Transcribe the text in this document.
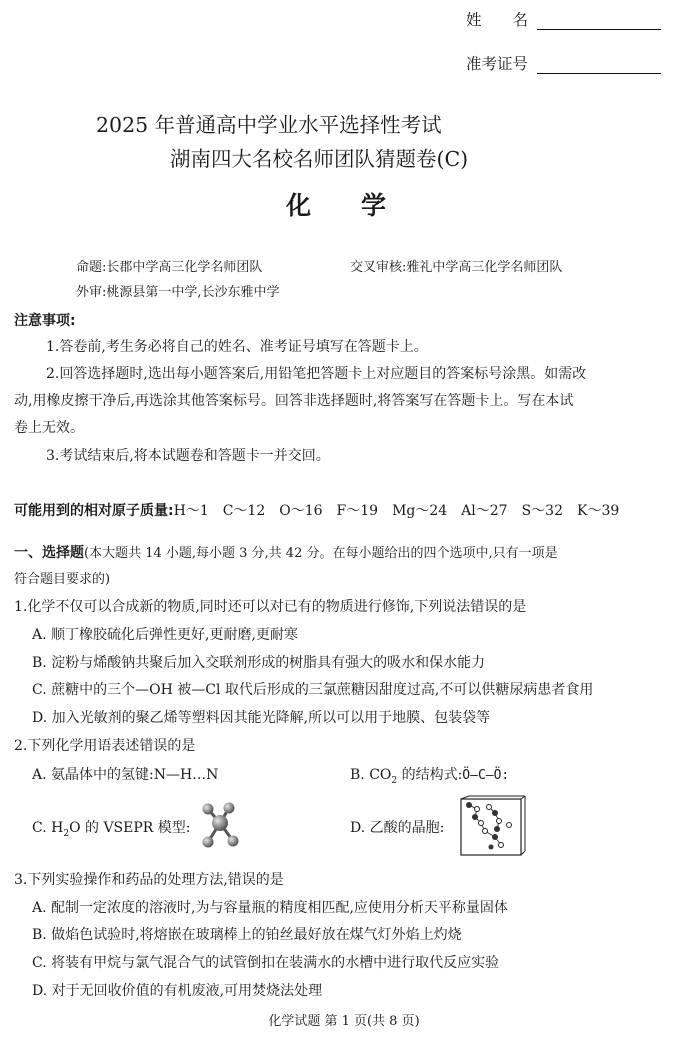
姓　　名
准考证号
2025 年普通高中学业水平选择性考试
湖南四大名校名师团队猜题卷(C)
化　　学
命题:长郡中学高三化学名师团队	交叉审核:雅礼中学高三化学名师团队
外审:桃源县第一中学,长沙东雅中学
注意事项:
1.答卷前,考生务必将自己的姓名、准考证号填写在答题卡上。
2.回答选择题时,选出每小题答案后,用铅笔把答题卡上对应题目的答案标号涂黑。如需改
动,用橡皮擦干净后,再选涂其他答案标号。回答非选择题时,将答案写在答题卡上。写在本试
卷上无效。
3.考试结束后,将本试题卷和答题卡一并交回。
可能用到的相对原子质量:H～1　C～12　O～16　F～19　Mg～24　Al～27　S～32　K～39
一、选择题(本大题共 14 小题,每小题 3 分,共 42 分。在每小题给出的四个选项中,只有一项是
符合题目要求的)
1.化学不仅可以合成新的物质,同时还可以对已有的物质进行修饰,下列说法错误的是
A. 顺丁橡胶硫化后弹性更好,更耐磨,更耐寒
B. 淀粉与烯酸钠共聚后加入交联剂形成的树脂具有强大的吸水和保水能力
C. 蔗糖中的三个—OH 被—Cl 取代后形成的三氯蔗糖因甜度过高,不可以供糖尿病患者食用
D. 加入光敏剂的聚乙烯等塑料因其能光降解,所以可以用于地膜、包装袋等
2.下列化学用语表述错误的是
A. 氨晶体中的氢键:N—H…N	B. $CO_2$ 的结构式:Ö—C—Ö:
C. $H_2O$ 的 VSEPR 模型:	D. 乙酸的晶胞:
3.下列实验操作和药品的处理方法,错误的是
A. 配制一定浓度的溶液时,为与容量瓶的精度相匹配,应使用分析天平称量固体
B. 做焰色试验时,将熔嵌在玻璃棒上的铂丝最好放在煤气灯外焰上灼烧
C. 将装有甲烷与氯气混合气的试管倒扣在装满水的水槽中进行取代反应实验
D. 对于无回收价值的有机废液,可用焚烧法处理
化学试题 第 1 页(共 8 页)
